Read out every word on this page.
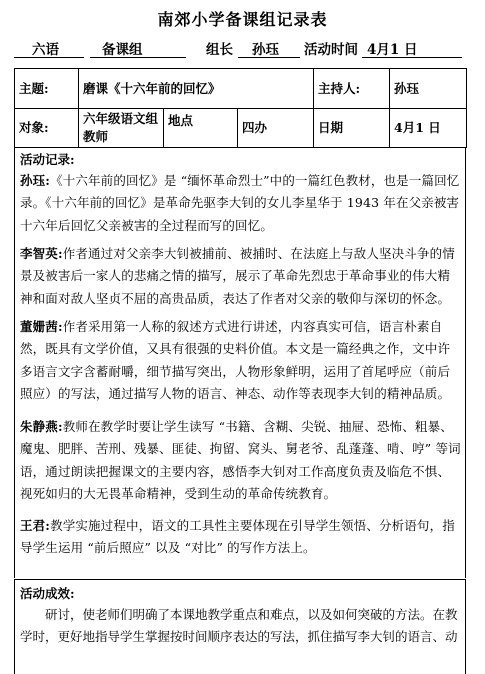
南郊小学备课组记录表
六语	备课组	组长 孙珏 活动时间 4月1 日
主题:	磨课《十六年前的回忆》			主持人:	孙珏
对象:	六年级语文组教师	地点	四办	日期	4月1 日
活动记录:
孙珏:《十六年前的回忆》是 “缅怀革命烈士”中的一篇红色教材，也是一篇回忆录。《十六年前的回忆》是革命先驱李大钊的女儿李星华于 1943 年在父亲被害十六年后回忆父亲被害的全过程而写的回忆。
李智英:作者通过对父亲李大钊被捕前、被捕时、在法庭上与敌人坚决斗争的情景及被害后一家人的悲痛之情的描写，展示了革命先烈忠于革命事业的伟大精神和面对敌人坚贞不屈的高贵品质，表达了作者对父亲的敬仰与深切的怀念。
董姗茜:作者采用第一人称的叙述方式进行讲述，内容真实可信，语言朴素自然，既具有文学价值，又具有很强的史料价值。本文是一篇经典之作，文中许多语言文字含蓄耐嚼，细节描写突出，人物形象鲜明，运用了首尾呼应（前后照应）的写法，通过描写人物的语言、神态、动作等表现李大钊的精神品质。
朱静燕:教师在教学时要让学生读写 “书籍、含糊、尖锐、抽屉、恐怖、粗暴、魔鬼、肥胖、苦刑、残暴、匪徒、拘留、窝头、舅老爷、乱蓬蓬、啃、哼” 等词语，通过朗读把握课文的主要内容，感悟李大钊对工作高度负责及临危不惧、视死如归的大无畏革命精神，受到生动的革命传统教育。
王君:教学实施过程中，语文的工具性主要体现在引导学生领悟、分析语句，指导学生运用 “前后照应” 以及 “对比” 的写作方法上。
活动成效:
研讨，使老师们明确了本课地教学重点和难点，以及如何突破的方法。在教学时，更好地指导学生掌握按时间顺序表达的写法，抓住描写李大钊的语言、动
